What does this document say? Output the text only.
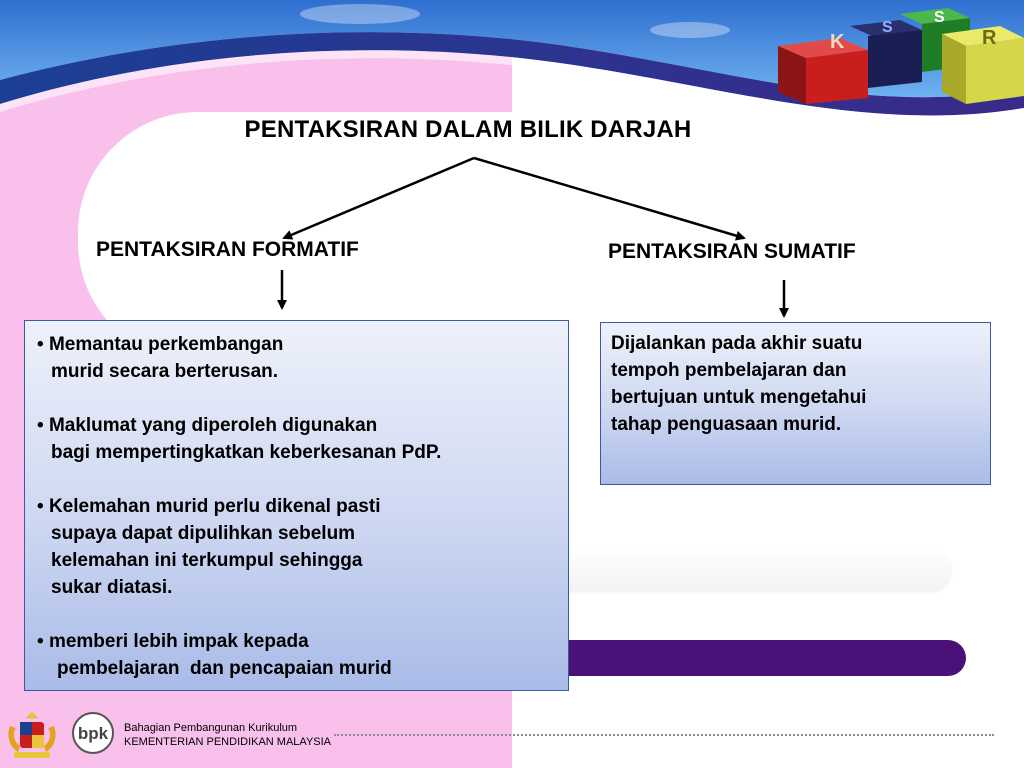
K
S
S
R
PENTAKSIRAN DALAM BILIK DARJAH
PENTAKSIRAN FORMATIF	PENTAKSIRAN SUMATIF

• Memantau perkembangan
murid secara berterusan.

• Maklumat yang diperoleh digunakan
bagi mempertingkatkan keberkesanan PdP.

• Kelemahan murid perlu dikenal pasti
supaya dapat dipulihkan sebelum
kelemahan ini terkumpul sehingga
sukar diatasi.

• memberi lebih impak kepada
pembelajaran  dan pencapaian murid

Dijalankan pada akhir suatu
tempoh pembelajaran dan
bertujuan untuk mengetahui
tahap penguasaan murid.

bpk Bahagian Pembangunan Kurikulum
KEMENTERIAN PENDIDIKAN MALAYSIA
